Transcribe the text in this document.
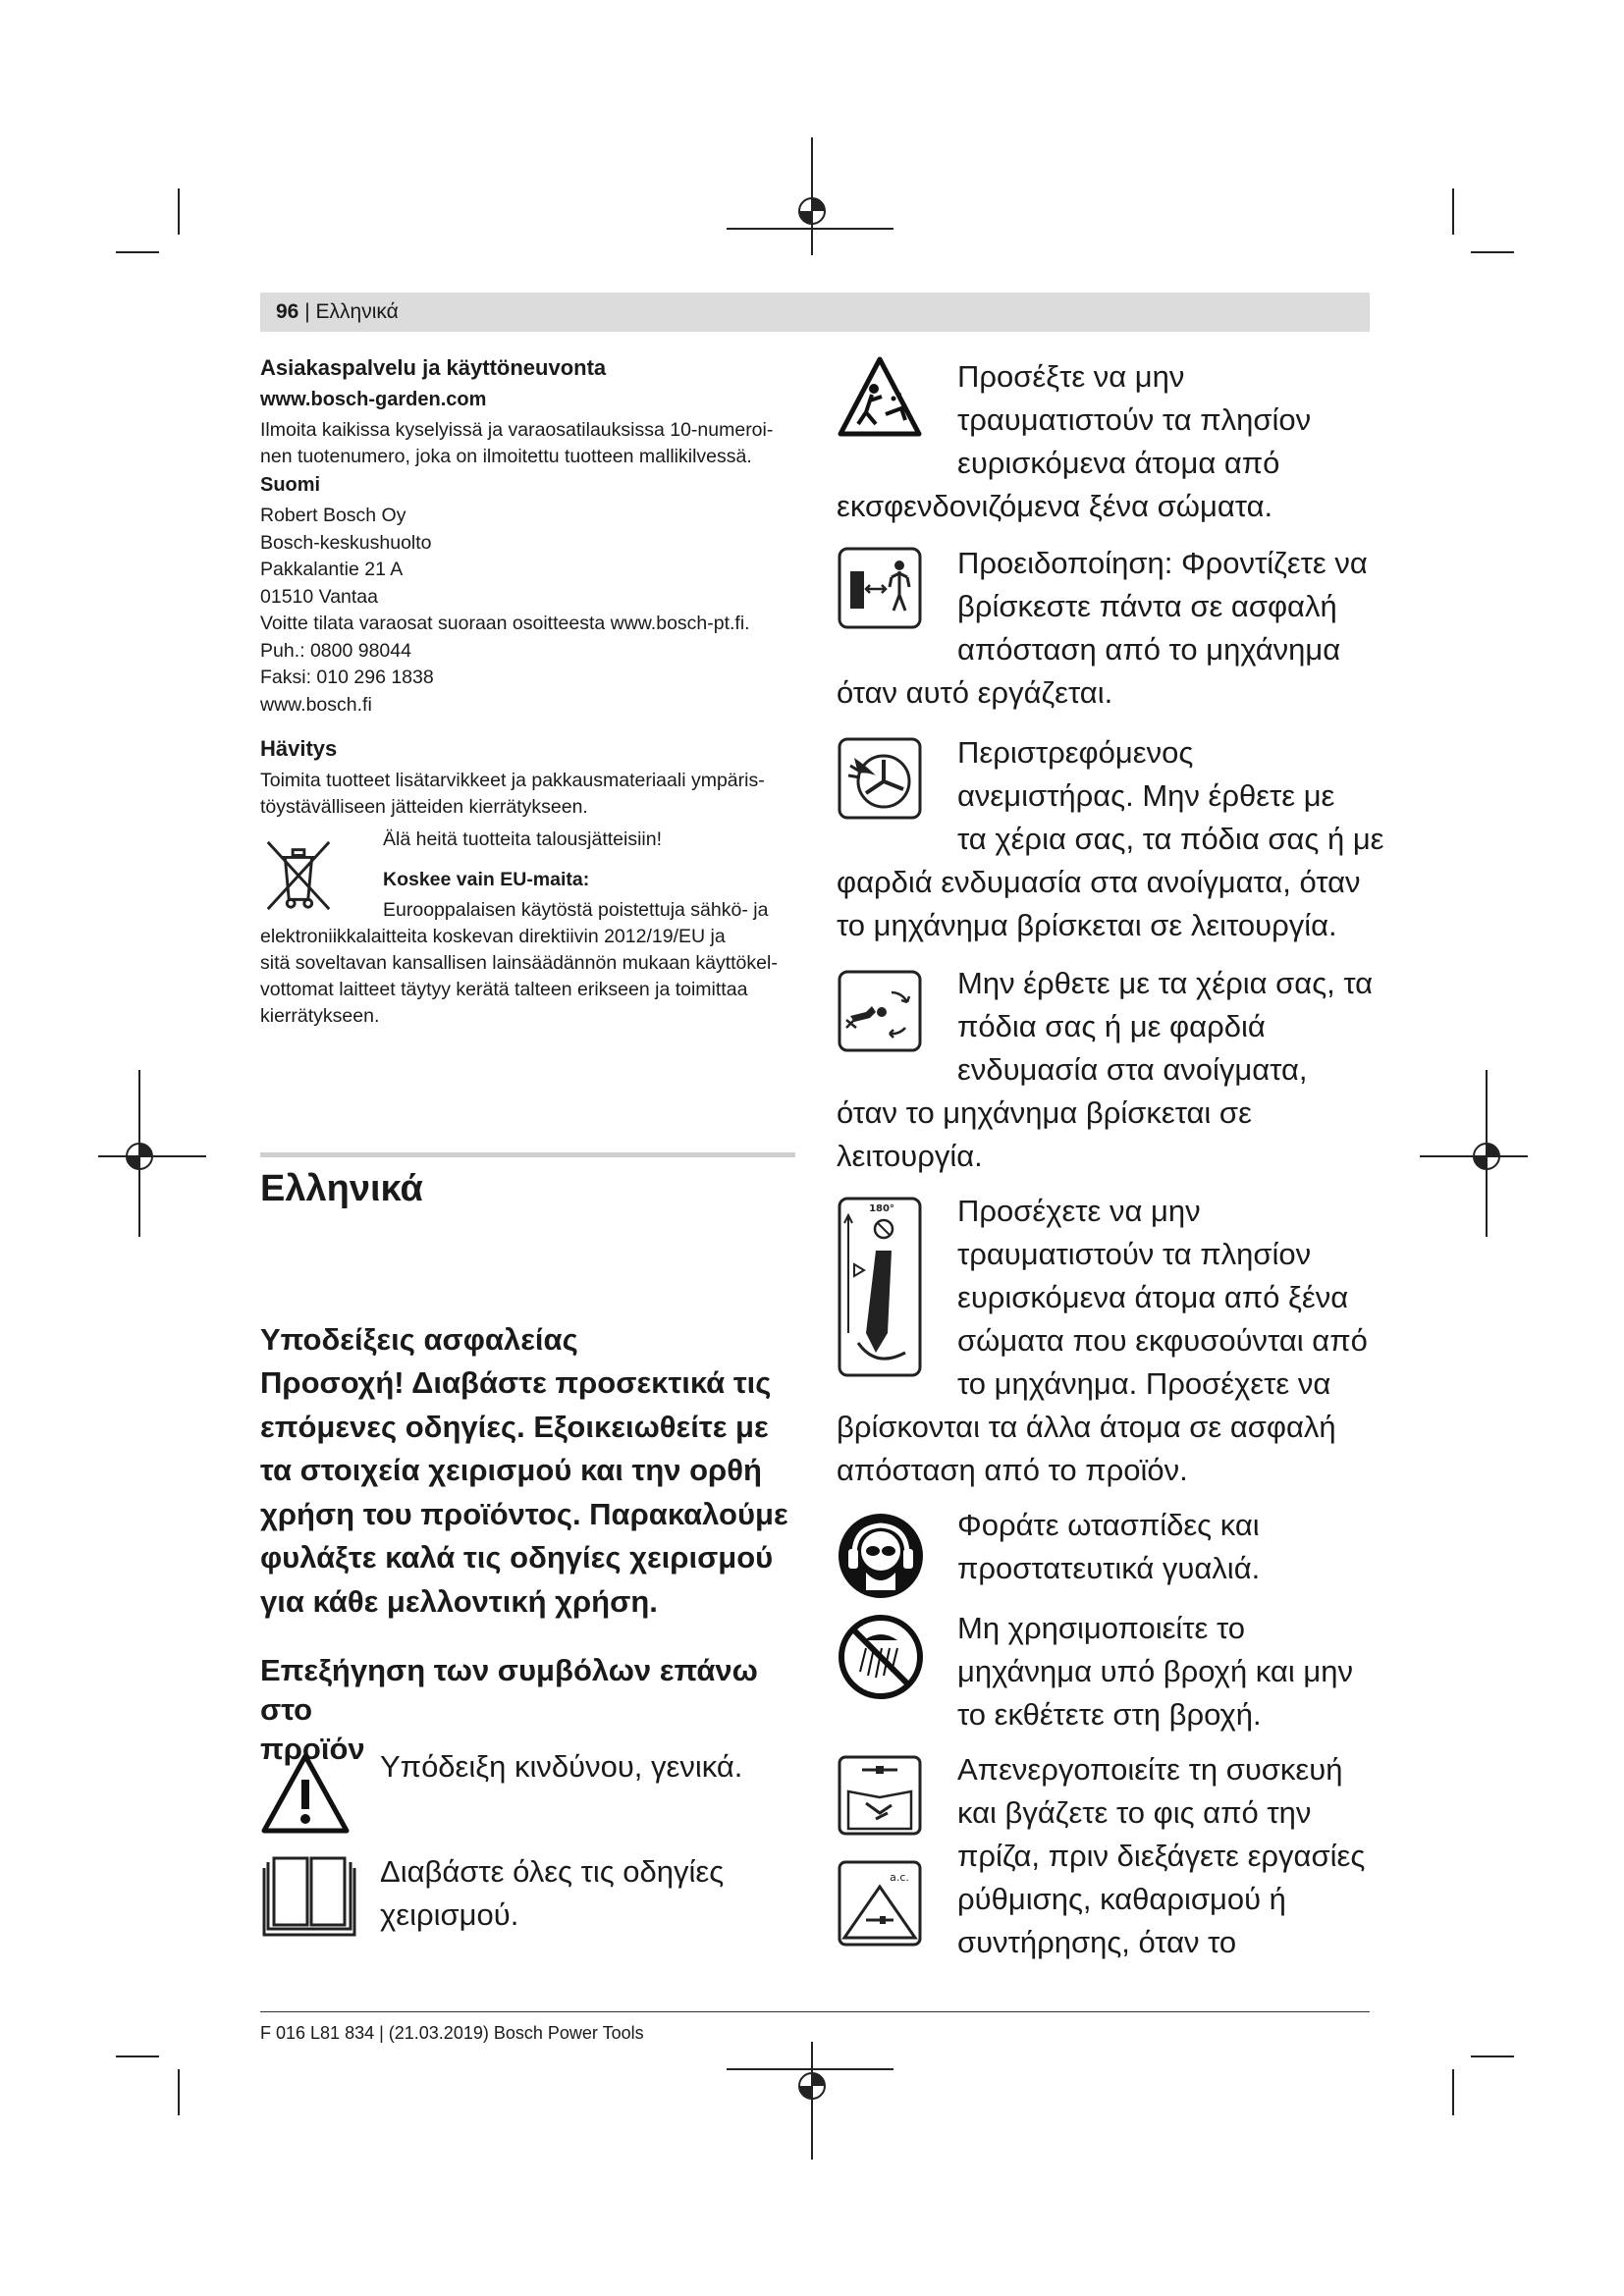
96 | Ελληνικά
Asiakaspalvelu ja käyttöneuvonta
www.bosch-garden.com

Ilmoita kaikissa kyselyissä ja varaosatilauksissa 10-numeroi-
nen tuotenumero, joka on ilmoitettu tuotteen mallikilvessä.

Suomi
Robert Bosch Oy
Bosch-keskushuolto
Pakkalantie 21 A
01510 Vantaa
Voitte tilata varaosat suoraan osoitteesta www.bosch-pt.fi.
Puh.: 0800 98044
Faksi: 010 296 1838
www.bosch.fi
Hävitys

Toimita tuotteet lisätarvikkeet ja pakkausmateriaali ympäris-
töystävälliseen jätteiden kierrätykseen.

Älä heitä tuotteita talousjätteisiin!
Koskee vain EU-maita:
Eurooppalaisen käytöstä poistettuja sähkö- ja

elektroniikkalaitteita koskevan direktiivin 2012/19/EU ja
sitä soveltavan kansallisen lainsäädännön mukaan käyttökel-
vottomat laitteet täytyy kerätä talteen erikseen ja toimittaa
kierrätykseen.

Ελληνικά
Υποδείξεις ασφαλείας
Προσοχή! Διαβάστε προσεκτικά τις
επόμενες οδηγίες. Εξοικειωθείτε με
τα στοιχεία χειρισμού και την ορθή
χρήση του προϊόντος. Παρακαλούμε
φυλάξτε καλά τις οδηγίες χειρισμού
για κάθε μελλοντική χρήση.
Επεξήγηση των συμβόλων επάνω στο
προϊόν
Υπόδειξη κινδύνου, γενικά.
Διαβάστε όλες τις οδηγίες
χειρισμού.
Προσέξτε να μην
τραυματιστούν τα πλησίον
ευρισκόμενα άτομα από
εκσφενδονιζόμενα ξένα σώματα.
Προειδοποίηση: Φροντίζετε να
βρίσκεστε πάντα σε ασφαλή
απόσταση από το μηχάνημα
όταν αυτό εργάζεται.
Περιστρεφόμενος
ανεμιστήρας. Μην έρθετε με
τα χέρια σας, τα πόδια σας ή με
φαρδιά ενδυμασία στα ανοίγματα, όταν
το μηχάνημα βρίσκεται σε λειτουργία.
Μην έρθετε με τα χέρια σας, τα
πόδια σας ή με φαρδιά
ενδυμασία στα ανοίγματα,
όταν το μηχάνημα βρίσκεται σε
λειτουργία.
180° Προσέχετε να μην
τραυματιστούν τα πλησίον
ευρισκόμενα άτομα από ξένα
σώματα που εκφυσούνται από
το μηχάνημα. Προσέχετε να
βρίσκονται τα άλλα άτομα σε ασφαλή
απόσταση από το προϊόν.
Φοράτε ωτασπίδες και
προστατευτικά γυαλιά.
Μη χρησιμοποιείτε το
μηχάνημα υπό βροχή και μην
το εκθέτετε στη βροχή.
a.c.
Απενεργοποιείτε τη συσκευή
και βγάζετε το φις από την
πρίζα, πριν διεξάγετε εργασίες
ρύθμισης, καθαρισμού ή
συντήρησης, όταν το
F 016 L81 834 | (21.03.2019) Bosch Power Tools
